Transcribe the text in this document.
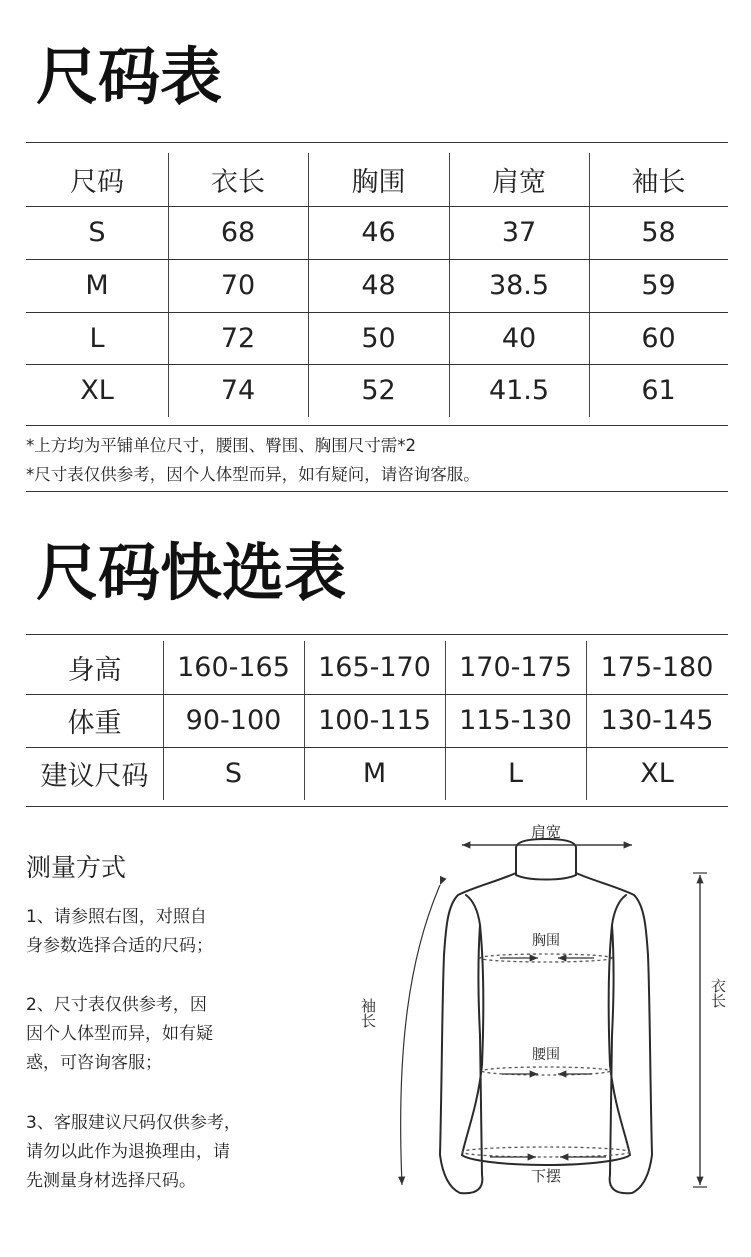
尺码表
尺码	衣长	胸围	肩宽	袖长
S	68	46	37	58
M	70	48	38.5	59
L	72	50	40	60
XL	74	52	41.5	61
*上方均为平铺单位尺寸，腰围、臀围、胸围尺寸需*2
*尺寸表仅供参考，因个人体型而异，如有疑问，请咨询客服。
尺码快选表
身高	160-165	165-170	170-175	175-180
体重	90-100	100-115	115-130	130-145
建议尺码	S	M	L	XL
测量方式

1、请参照右图，对照自
身参数选择合适的尺码；

2、尺寸表仅供参考，因
因个人体型而异，如有疑
惑，可咨询客服；

3、客服建议尺码仅供参考，
请勿以此作为退换理由，请
先测量身材选择尺码。

肩宽
胸围
腰围
下摆
袖长
衣长
